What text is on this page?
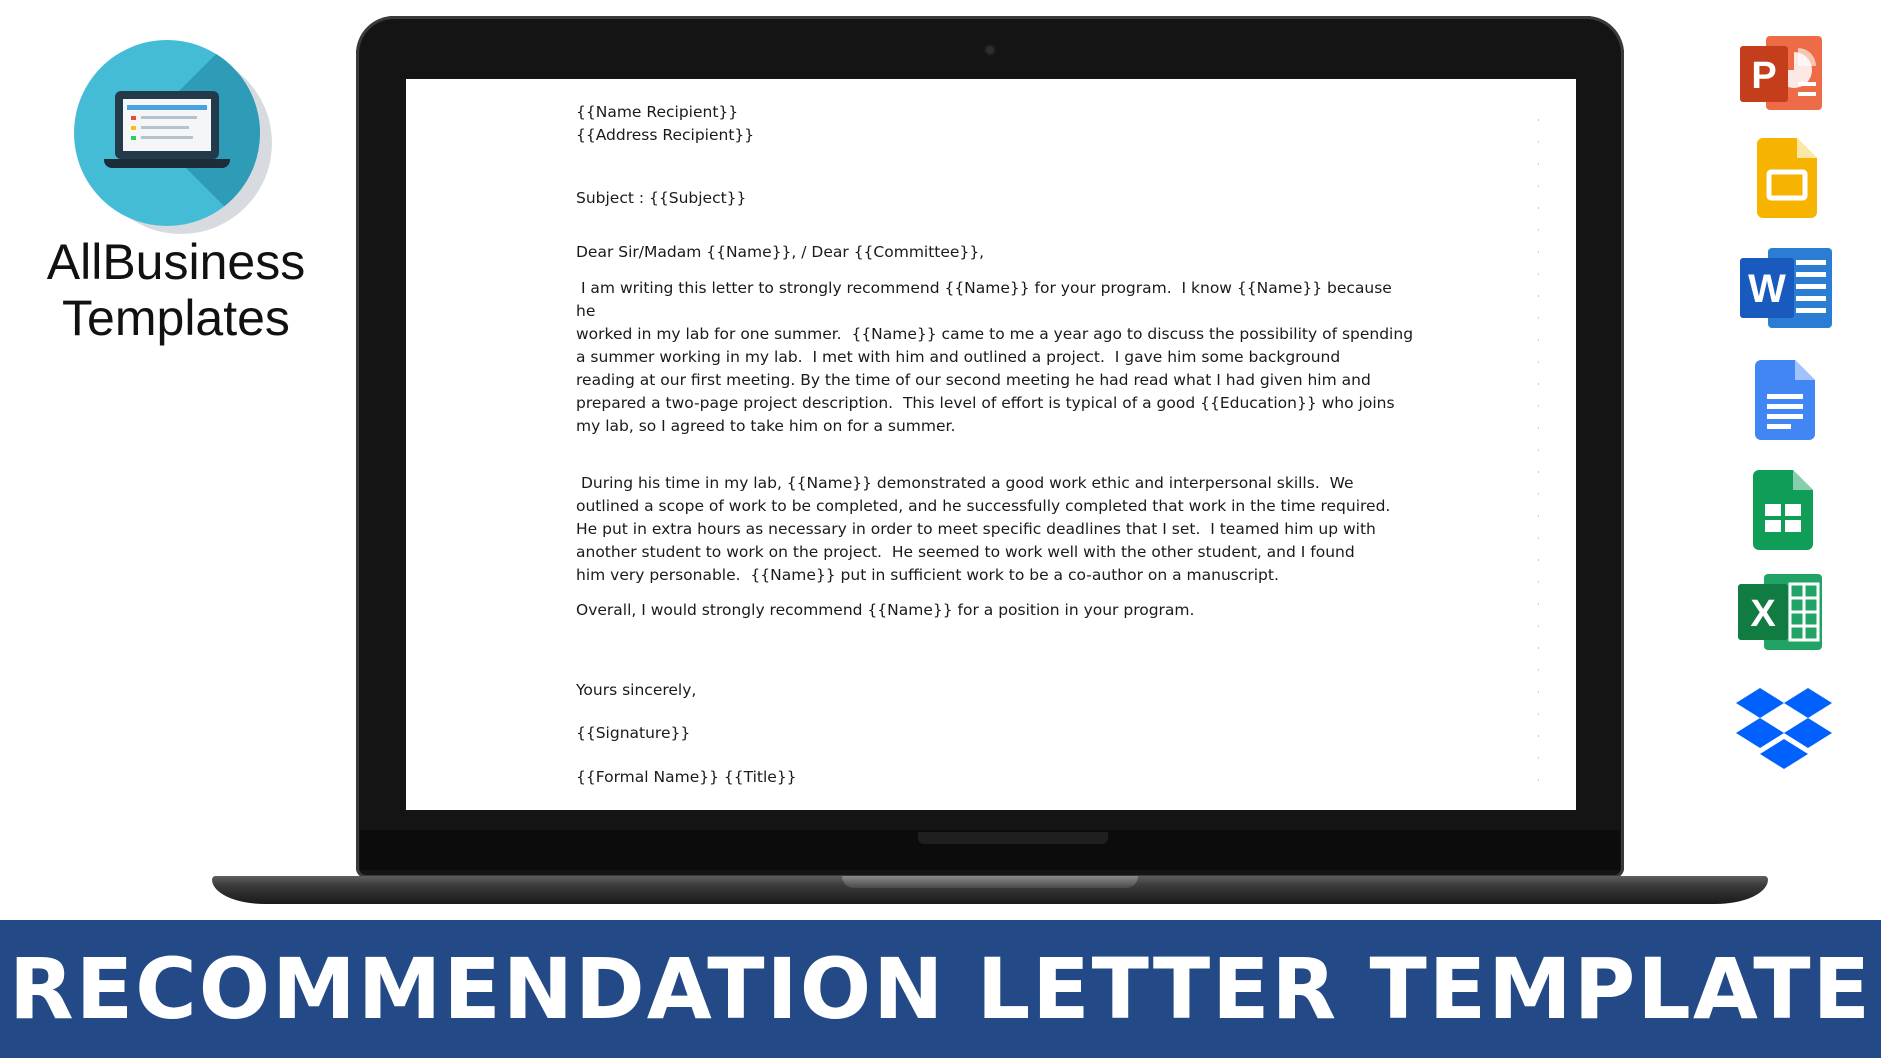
AllBusiness
Templates

{{Name Recipient}}

{{Address Recipient}}

Subject : {{Subject}}

Dear Sir/Madam {{Name}}, / Dear {{Committee}},

I am writing this letter to strongly recommend {{Name}} for your program.  I know {{Name}} because he

worked in my lab for one summer.  {{Name}} came to me a year ago to discuss the possibility of spending

a summer working in my lab.  I met with him and outlined a project.  I gave him some background

reading at our first meeting. By the time of our second meeting he had read what I had given him and

prepared a two-page project description.  This level of effort is typical of a good {{Education}} who joins

my lab, so I agreed to take him on for a summer.

During his time in my lab, {{Name}} demonstrated a good work ethic and interpersonal skills.  We

outlined a scope of work to be completed, and he successfully completed that work in the time required.

He put in extra hours as necessary in order to meet specific deadlines that I set.  I teamed him up with

another student to work on the project.  He seemed to work well with the other student, and I found

him very personable.  {{Name}} put in sufficient work to be a co-author on a manuscript.

Overall, I would strongly recommend {{Name}} for a position in your program.

Yours sincerely,

{{Signature}}

{{Formal Name}} {{Title}}

P
W
X
RECOMMENDATION LETTER TEMPLATE
